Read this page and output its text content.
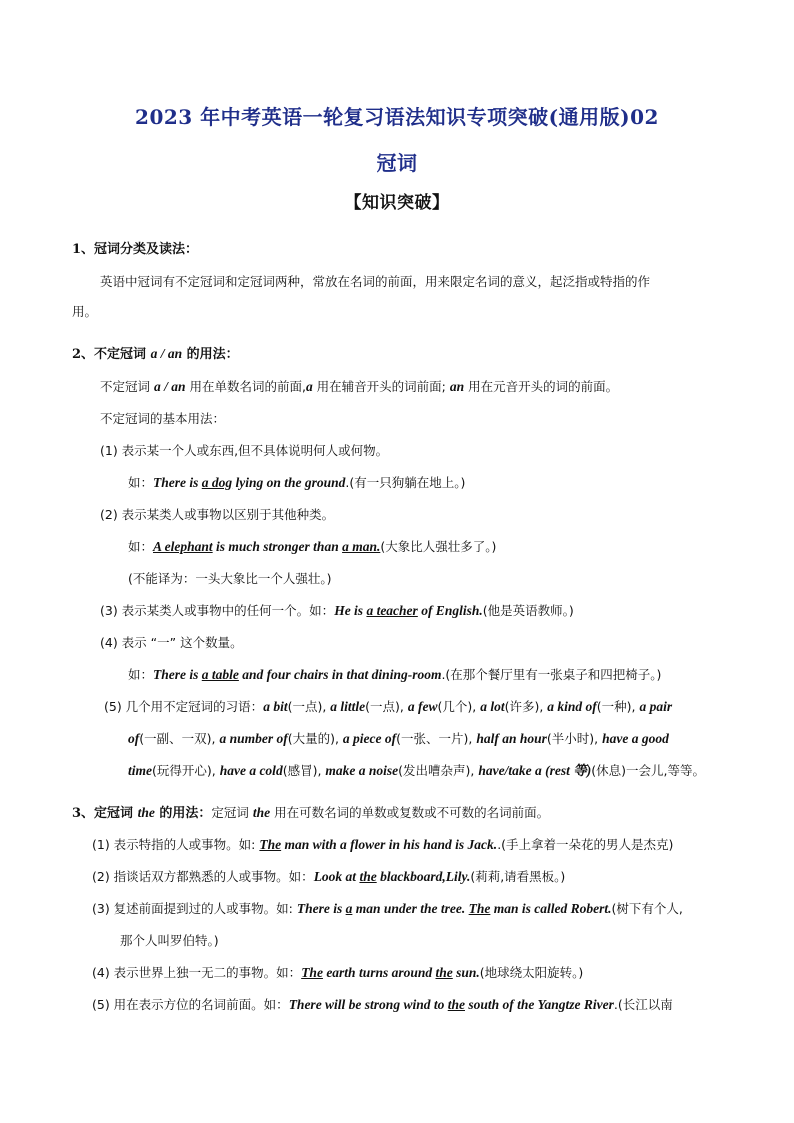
2023 年中考英语一轮复习语法知识专项突破(通用版)02
冠词
【知识突破】
1、冠词分类及读法：
英语中冠词有不定冠词和定冠词两种，常放在名词的前面，用来限定名词的意义，起泛指或特指的作
用。
2、不定冠词 a / an 的用法：
不定冠词 a / an 用在单数名词的前面,a 用在辅音开头的词前面; an 用在元音开头的词的前面。
不定冠词的基本用法：
(1) 表示某一个人或东西,但不具体说明何人或何物。
如：There is a dog lying on the ground.(有一只狗躺在地上。)
(2) 表示某类人或事物以区别于其他种类。
如：A elephant is much stronger than a man.(大象比人强壮多了。)
(不能译为：一头大象比一个人强壮。)
(3) 表示某类人或事物中的任何一个。如：He is a teacher of English.(他是英语教师。)
(4) 表示 “一” 这个数量。
如：There is a table and four chairs in that dining-room.(在那个餐厅里有一张桌子和四把椅子。)
(5) 几个用不定冠词的习语：a bit(一点), a little(一点), a few(几个), a lot(许多), a kind of(一种), a pair
of(一副、一双), a number of(大量的), a piece of(一张、一片), half an hour(半小时), have a good
time(玩得开心), have a cold(感冒), make a noise(发出嘈杂声), have/take a (rest 等)(休息)一会儿,等等。
3、定冠词 the 的用法：定冠词 the 用在可数名词的单数或复数或不可数的名词前面。
(1) 表示特指的人或事物。如: The man with a flower in his hand is Jack..(手上拿着一朵花的男人是杰克)
(2) 指谈话双方都熟悉的人或事物。如：Look at the blackboard,Lily.(莉莉,请看黑板。)
(3) 复述前面提到过的人或事物。如: There is a man under the tree. The man is called Robert.(树下有个人,
那个人叫罗伯特。)
(4) 表示世界上独一无二的事物。如：The earth turns around the sun.(地球绕太阳旋转。)
(5) 用在表示方位的名词前面。如：There will be strong wind to the south of the Yangtze River.(长江以南
